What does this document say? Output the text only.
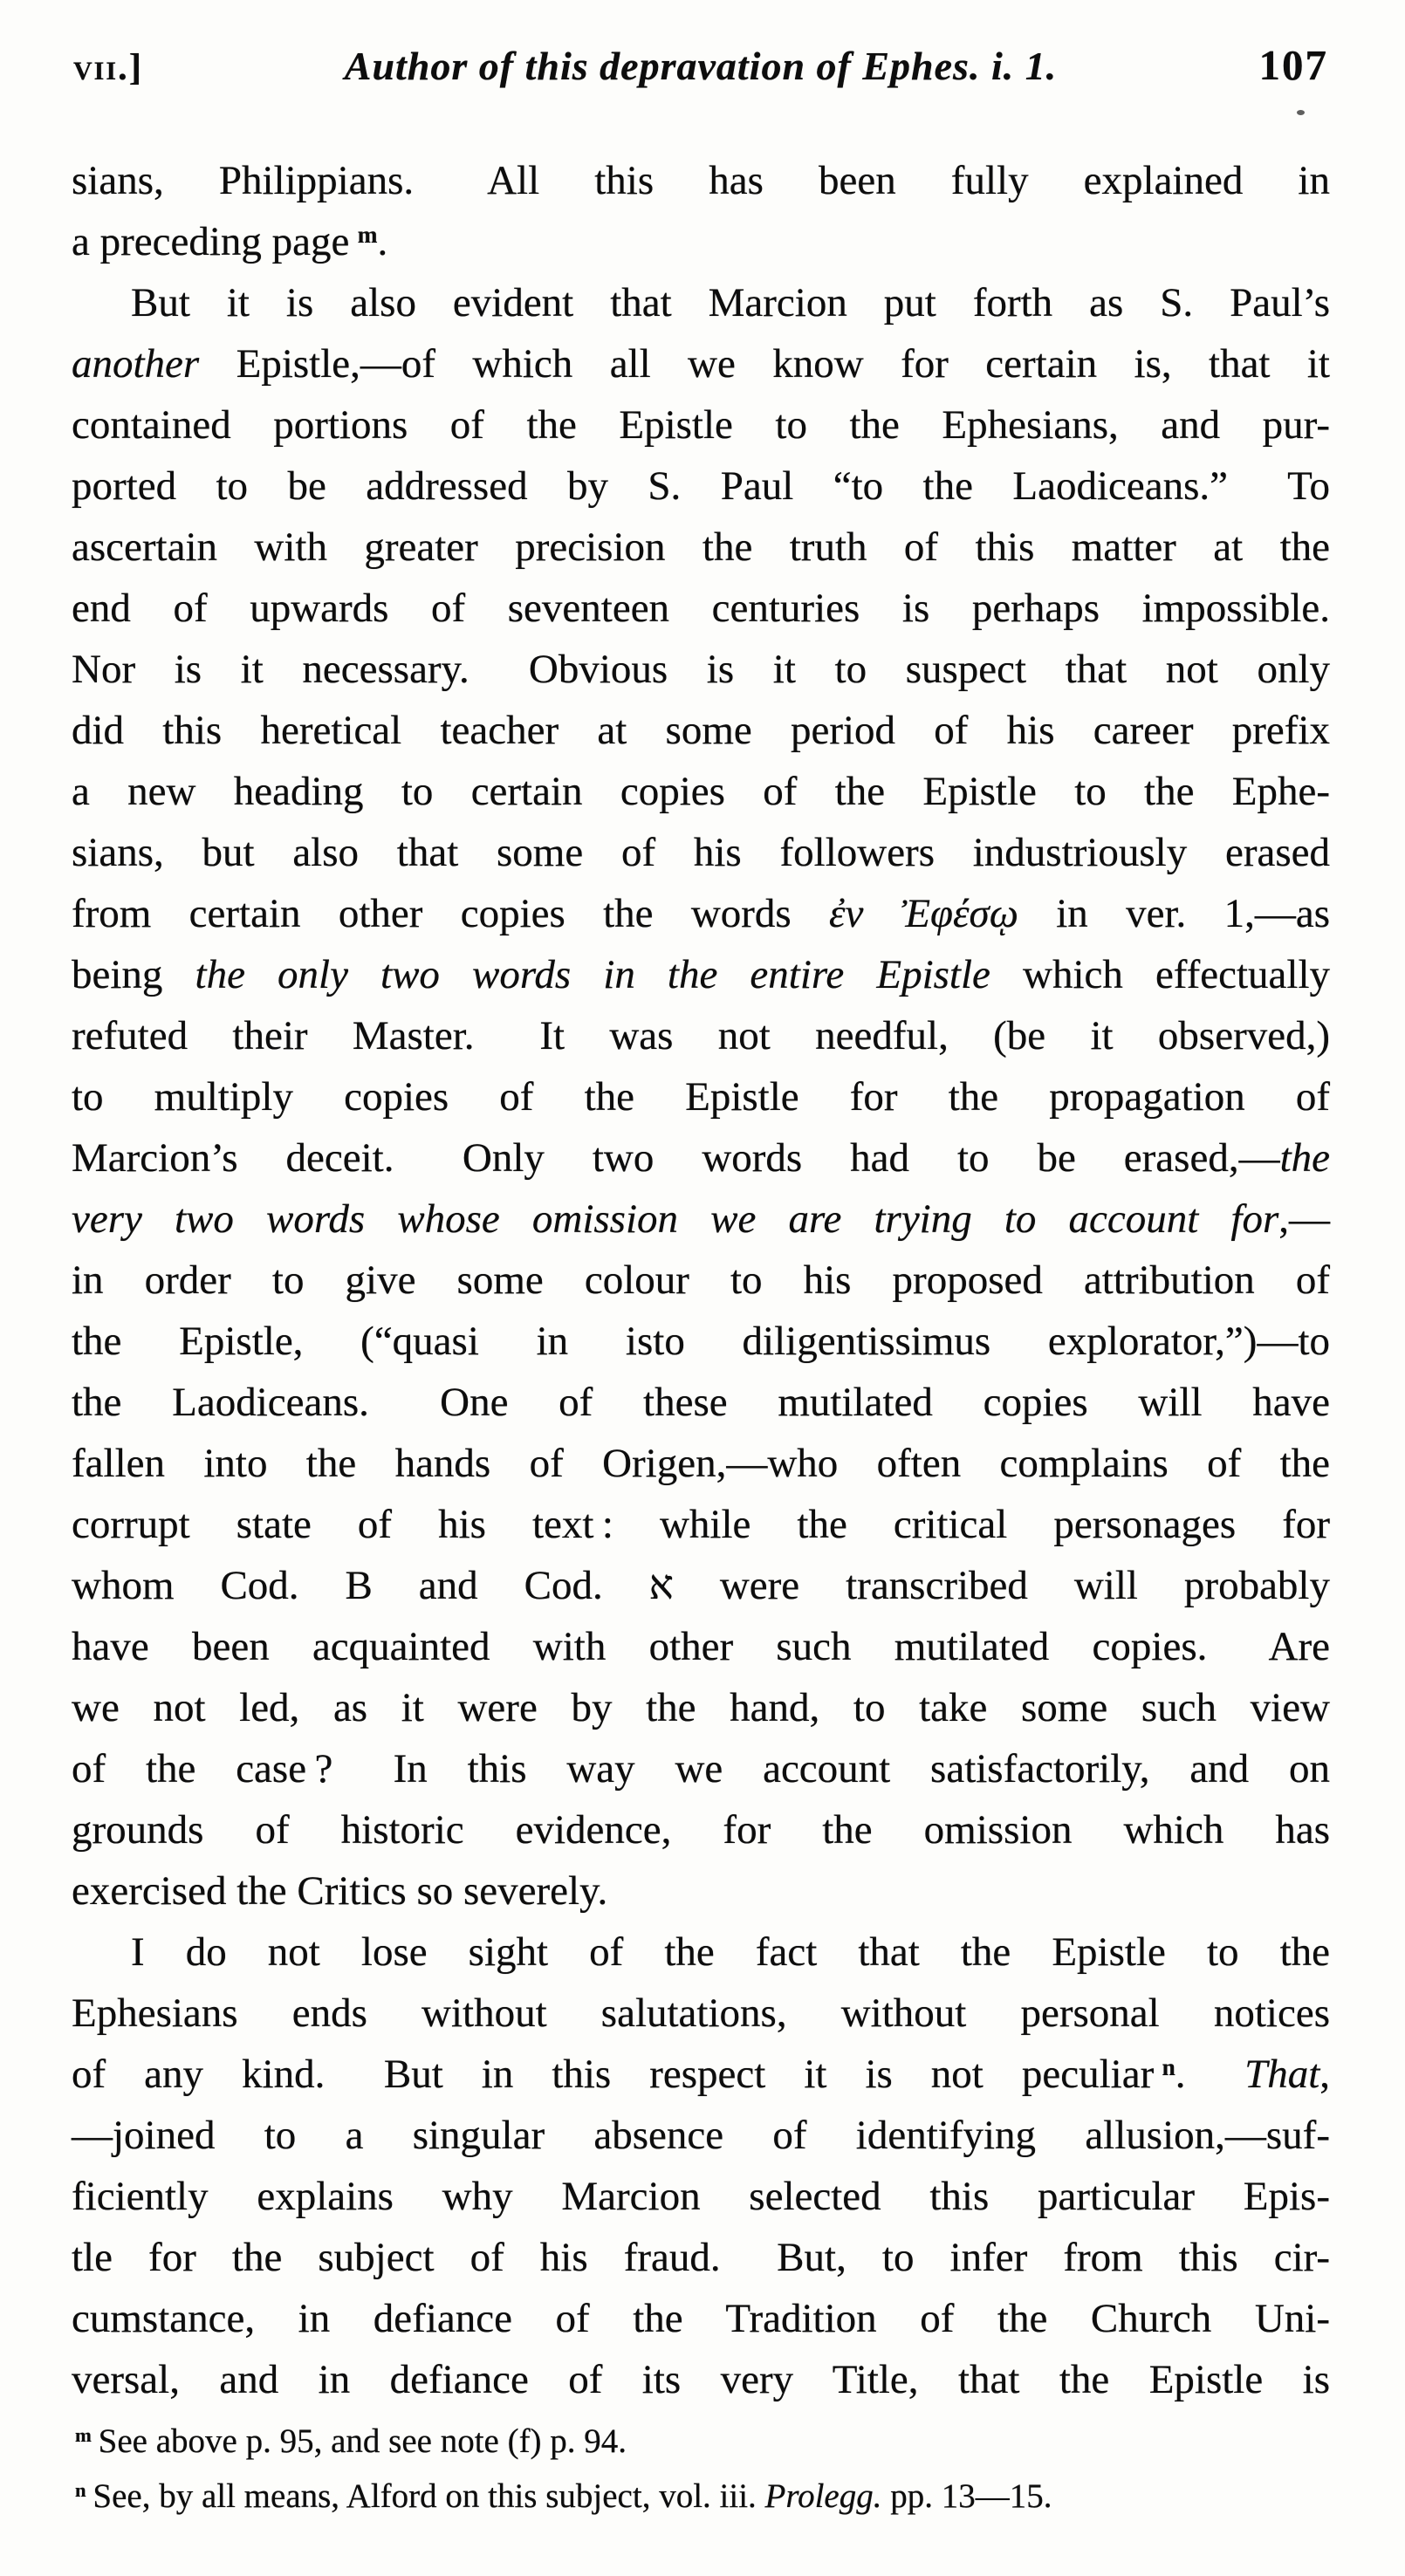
vii.]	Author of this depravation of Ephes. i. 1.	107
sians, Philippians.  All this has been fully explained in
a preceding page $^m$.
But it is also evident that Marcion put forth as S. Paul’s
another Epistle,—of which all we know for certain is, that it
contained portions of the Epistle to the Ephesians, and pur-
ported to be addressed by S. Paul “to the Laodiceans.”  To
ascertain with greater precision the truth of this matter at the
end of upwards of seventeen centuries is perhaps impossible.
Nor is it necessary.  Obvious is it to suspect that not only
did this heretical teacher at some period of his career prefix
a new heading to certain copies of the Epistle to the Ephe-
sians, but also that some of his followers industriously erased
from certain other copies the words ἐν Ἐφέσῳ in ver. 1,—as
being the only two words in the entire Epistle which effectually
refuted their Master.  It was not needful, (be it observed,)
to multiply copies of the Epistle for the propagation of
Marcion’s deceit.  Only two words had to be erased,—the
very two words whose omission we are trying to account for,—
in order to give some colour to his proposed attribution of
the Epistle, (“quasi in isto diligentissimus explorator,”)—to
the Laodiceans.  One of these mutilated copies will have
fallen into the hands of Origen,—who often complains of the
corrupt state of his text : while the critical personages for
whom Cod. B and Cod. א were transcribed will probably
have been acquainted with other such mutilated copies.  Are
we not led, as it were by the hand, to take some such view
of the case ?  In this way we account satisfactorily, and on
grounds of historic evidence, for the omission which has
exercised the Critics so severely.
I do not lose sight of the fact that the Epistle to the
Ephesians ends without salutations, without personal notices
of any kind.  But in this respect it is not peculiar $^n$.  That,
—joined to a singular absence of identifying allusion,—suf-
ficiently explains why Marcion selected this particular Epis-
tle for the subject of his fraud.  But, to infer from this cir-
cumstance, in defiance of the Tradition of the Church Uni-
versal, and in defiance of its very Title, that the Epistle is
$^m$ See above p. 95, and see note (f) p. 94.
$^n$ See, by all means, Alford on this subject, vol. iii. Prolegg. pp. 13—15.
